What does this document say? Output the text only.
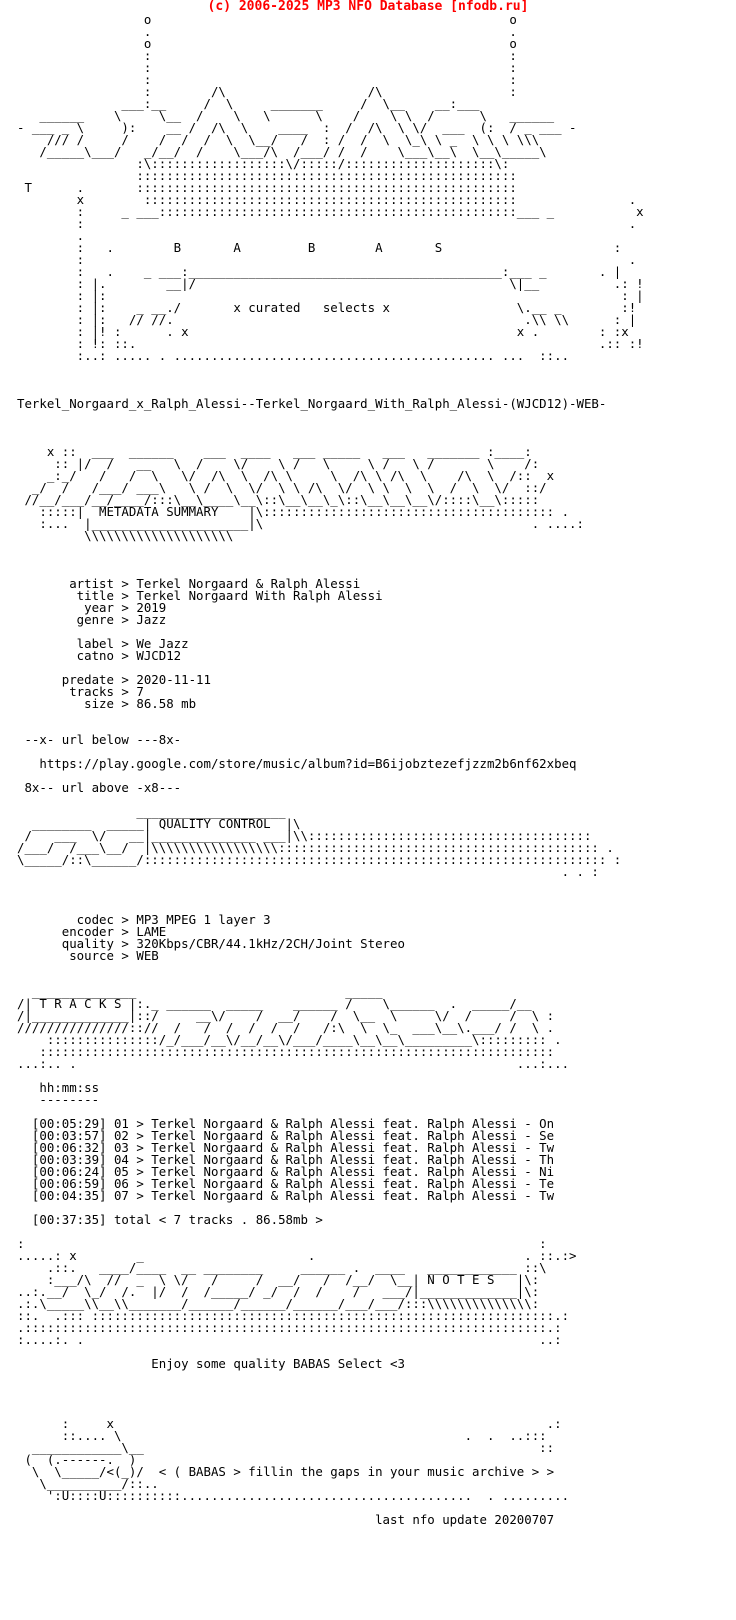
(c) 2006-2025 MP3 NFO Database [nfodb.ru]
o                                                o
.                                                .
o                                                o
:                                                :
:                                                :
:                                                :
:        /\                   /\                 :
___:__     /  \     _______     /  \__    __:___
______    \     \__  /    \   \      \    /    \ \  /      \   ______
- ___ _ \     ):    __ /  /\  \    ____  :  /  /\  \ \/  ___  (:  / _ ___ -
/// /     /    /  /  /  \  \__/   /  : /  /  \  \_\ \ _  \ \ \ \\\
/_____\___/   _/__/  /    \___/\  /___/ /  /    \___\__\  \__\_____\
:\::::::::::::::::::\/:::::/::::::::::::::::::::\:
:::::::::::::::::::::::::::::::::::::::::::::::::::
T      .       :::::::::::::::::::::::::::::::::::::::::::::::::::
x        ::::::::::::::::::::::::::::::::::::::::::::::::::               .
:     _ ___::::::::::::::::::::::::::::::::::::::::::::::::___ _           x
:                                                                         .
.
:   .        B       A         B        A       S                       :
:                                                                         .
:   .    _ ___:__________________________________________:___ _       . |
: |.        __|/                                          \|__          .: !
: |:                                                                     : |
: |:    _ __./       x curated   selects x                 \.__ _        :!
: |:   // //.                                               .\\ \\      : |
: |! :      . x                                            x .        : :x
: !: ::.                                                              .:: :!
:..: ..... . ........................................... ...  ::..

Terkel_Norgaard_x_Ralph_Alessi--Terkel_Norgaard_With_Ralph_Alessi-(WJCD12)-WEB-

x ::  ___  ______    ___  ____   ___ _____   ___   _______ :____:
:: |/  /   __   \  /    \/    \ /   \     \ /   \ /       \    /:
_:_/   /   /  \   \/  /\  \  /\ \     \  /\ \ /\  \    /\  \  /::  x
_/  /   /___/ ___\   \ /  \  \/  \ \ /\  \/  \ \  \  \  /  \  \/  ::/
//__/___/__/____/:::\__\____\__\::\__\__\_\::\__\__\__\/::::\__\:::::
:::::|  METADATA SUMMARY    |\::::::::::::::::::::::::::::::::::::::: .
:...  |_____________________|\                                    . ....:
\\\\\\\\\\\\\\\\\\\\

artist > Terkel Norgaard & Ralph Alessi
title > Terkel Norgaard With Ralph Alessi
year > 2019
genre > Jazz

label > We Jazz
catno > WJCD12

predate > 2020-11-11
tracks > 7
size > 86.58 mb

--x- url below ---8x-

https://play.google.com/store/music/album?id=B6ijobztezefjzzm2b6nf62xbeq

8x-- url above -x8---

____________________
________  _____| QUALITY CONTROL  |\
/   ___  \/   __|______________ ___|\\::::::::::::::::::::::::::::::::::::::
/___/  /___\__/  |\\\\\\\\\\\\\\\\\::::::::::::::::::::::::::::::::::::::::::: .
\_____/::\______/:::::::::::::::::::::::::::::::::::::::::::::::::::::::::::::: :
. . :

codec > MP3 MPEG 1 layer 3
encoder > LAME
quality > 320Kbps/CBR/44.1kHz/2CH/Joint Stereo
source > WEB

______________                            _____
/| T R A C K S |:._ ______  _____    ______ /    \______  .  _____/__
/|_____________|::/     __\/    /  __/    /  \__  \     \/  /     /  \ :
///////////////:://  /   /  /  /  /  /   /:\  \  \_  ___\__\.___/ /  \ .
:::::::::::::::/_/___/__\/__/__\/___/____\__\__\_________\::::::::: .
:::::::::::::::::::::::::::::::::::::::::::::::::::::::::::::::::::::
...:.. .                                                           ...:...

hh:mm:ss
--------

[00:05:29] 01 > Terkel Norgaard & Ralph Alessi feat. Ralph Alessi - On
[00:03:57] 02 > Terkel Norgaard & Ralph Alessi feat. Ralph Alessi - Se
[00:06:32] 03 > Terkel Norgaard & Ralph Alessi feat. Ralph Alessi - Tw
[00:03:39] 04 > Terkel Norgaard & Ralph Alessi feat. Ralph Alessi - Th
[00:06:24] 05 > Terkel Norgaard & Ralph Alessi feat. Ralph Alessi - Ni
[00:06:59] 06 > Terkel Norgaard & Ralph Alessi feat. Ralph Alessi - Te
[00:04:35] 07 > Terkel Norgaard & Ralph Alessi feat. Ralph Alessi - Tw

[00:37:35] total < 7 tracks . 86.58mb >

:                                                                     :
.....: x        _                      .                            . ::.:>
.::.   ____/____  __ ________     ______ .  ____   ____________ ::\
:___/\  //  _  \ \/   /     /  __/   /  /__/  \__| N O T E S   |\:
..:.__/  \_/  /.  |/  /  /_____/ _/  /  /    /   ___/|_____________|\:
.:.\_____\\__\\_______/______/______/______/___/___/:::\\\\\\\\\\\\\\:
::.  .::: ::::::::::::::::::::::::::::::::::::::::::::::::::::::::::::::.:
.::::::::::::::::::::::::::::::::::::::::::::::::::::::::::::::::::::::.:
:....:. .                                                             ..:

Enjoy some quality BABAS Select <3

:     x                                                          .:
::.... \                                              .  .  ..:::
____________\__                                                     ::
(  (.------.  )
\  \_____/<(_)/  < ( BABAS > fillin the gaps in your music archive > >
\__________/::..
':U::::U::::::::::.......................................  . .........

last nfo update 20200707
